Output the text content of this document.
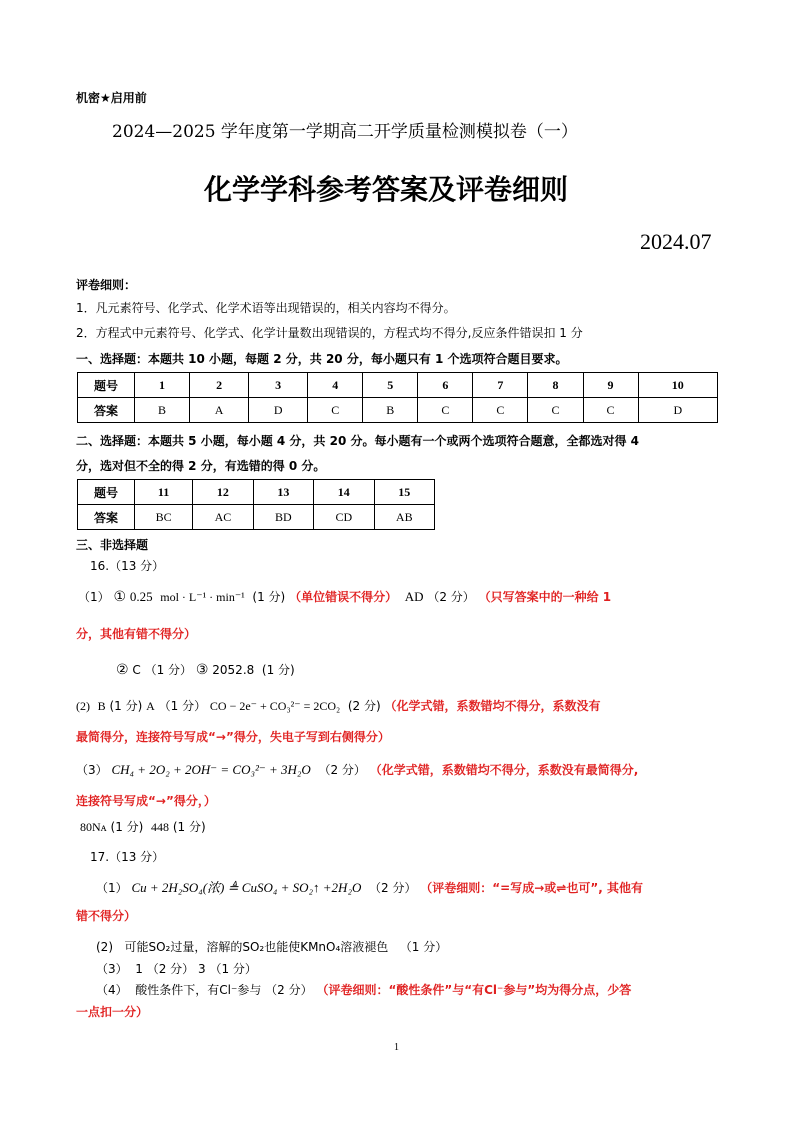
机密★启用前
2024—2025 学年度第一学期高二开学质量检测模拟卷（一）
化学学科参考答案及评卷细则
2024.07
评卷细则：
1．凡元素符号、化学式、化学术语等出现错误的，相关内容均不得分。
2．方程式中元素符号、化学式、化学计量数出现错误的，方程式均不得分,反应条件错误扣 1 分
一、选择题：本题共 10 小题，每题 2 分，共 20 分，每小题只有 1 个选项符合题目要求。
题号	1	2	3	4	5	6	7	8	9	10
答案	B	A	D	C	B	C	C	C	C	D
二、选择题：本题共 5 小题，每小题 4 分，共 20 分。每小题有一个或两个选项符合题意，全都选对得 4
分，选对但不全的得 2 分，有选错的得 0 分。
题号	11	12	13	14	15
答案	BC	AC	BD	CD	AB
三、非选择题
16.（13 分）
（1） ① 0.25 mol · L⁻¹ · min⁻¹ (1 分) （单位错误不得分） AD （2 分） （只写答案中的一种给 1
分，其他有错不得分）
② C （1 分） ③ 2052.8 (1 分)
(2) B (1 分) A （1 分） CO − 2e⁻ + CO₃²⁻ = 2CO₂ (2 分) （化学式错，系数错均不得分，系数没有
最简得分，连接符号写成“→”得分，失电子写到右侧得分）
（3） CH₄ + 2O₂ + 2OH⁻ = CO₃²⁻ + 3H₂O （2 分） （化学式错，系数错均不得分，系数没有最简得分,
连接符号写成“→”得分，）
80Nᴀ (1 分) 448 (1 分)
17.（13 分）
（1） Cu + 2H₂SO₄(浓) ≜ CuSO₄ + SO₂↑ +2H₂O （2 分） （评卷细则：“=写成→或⇌也可”, 其他有
错不得分）
(2) 可能SO₂过量，溶解的SO₂也能使KMnO₄溶液褪色 （1 分）
（3） 1 （2 分） 3 （1 分）
（4） 酸性条件下，有Cl⁻参与 （2 分） （评卷细则：“酸性条件”与“有Cl⁻参与”均为得分点，少答
一点扣一分）
1
